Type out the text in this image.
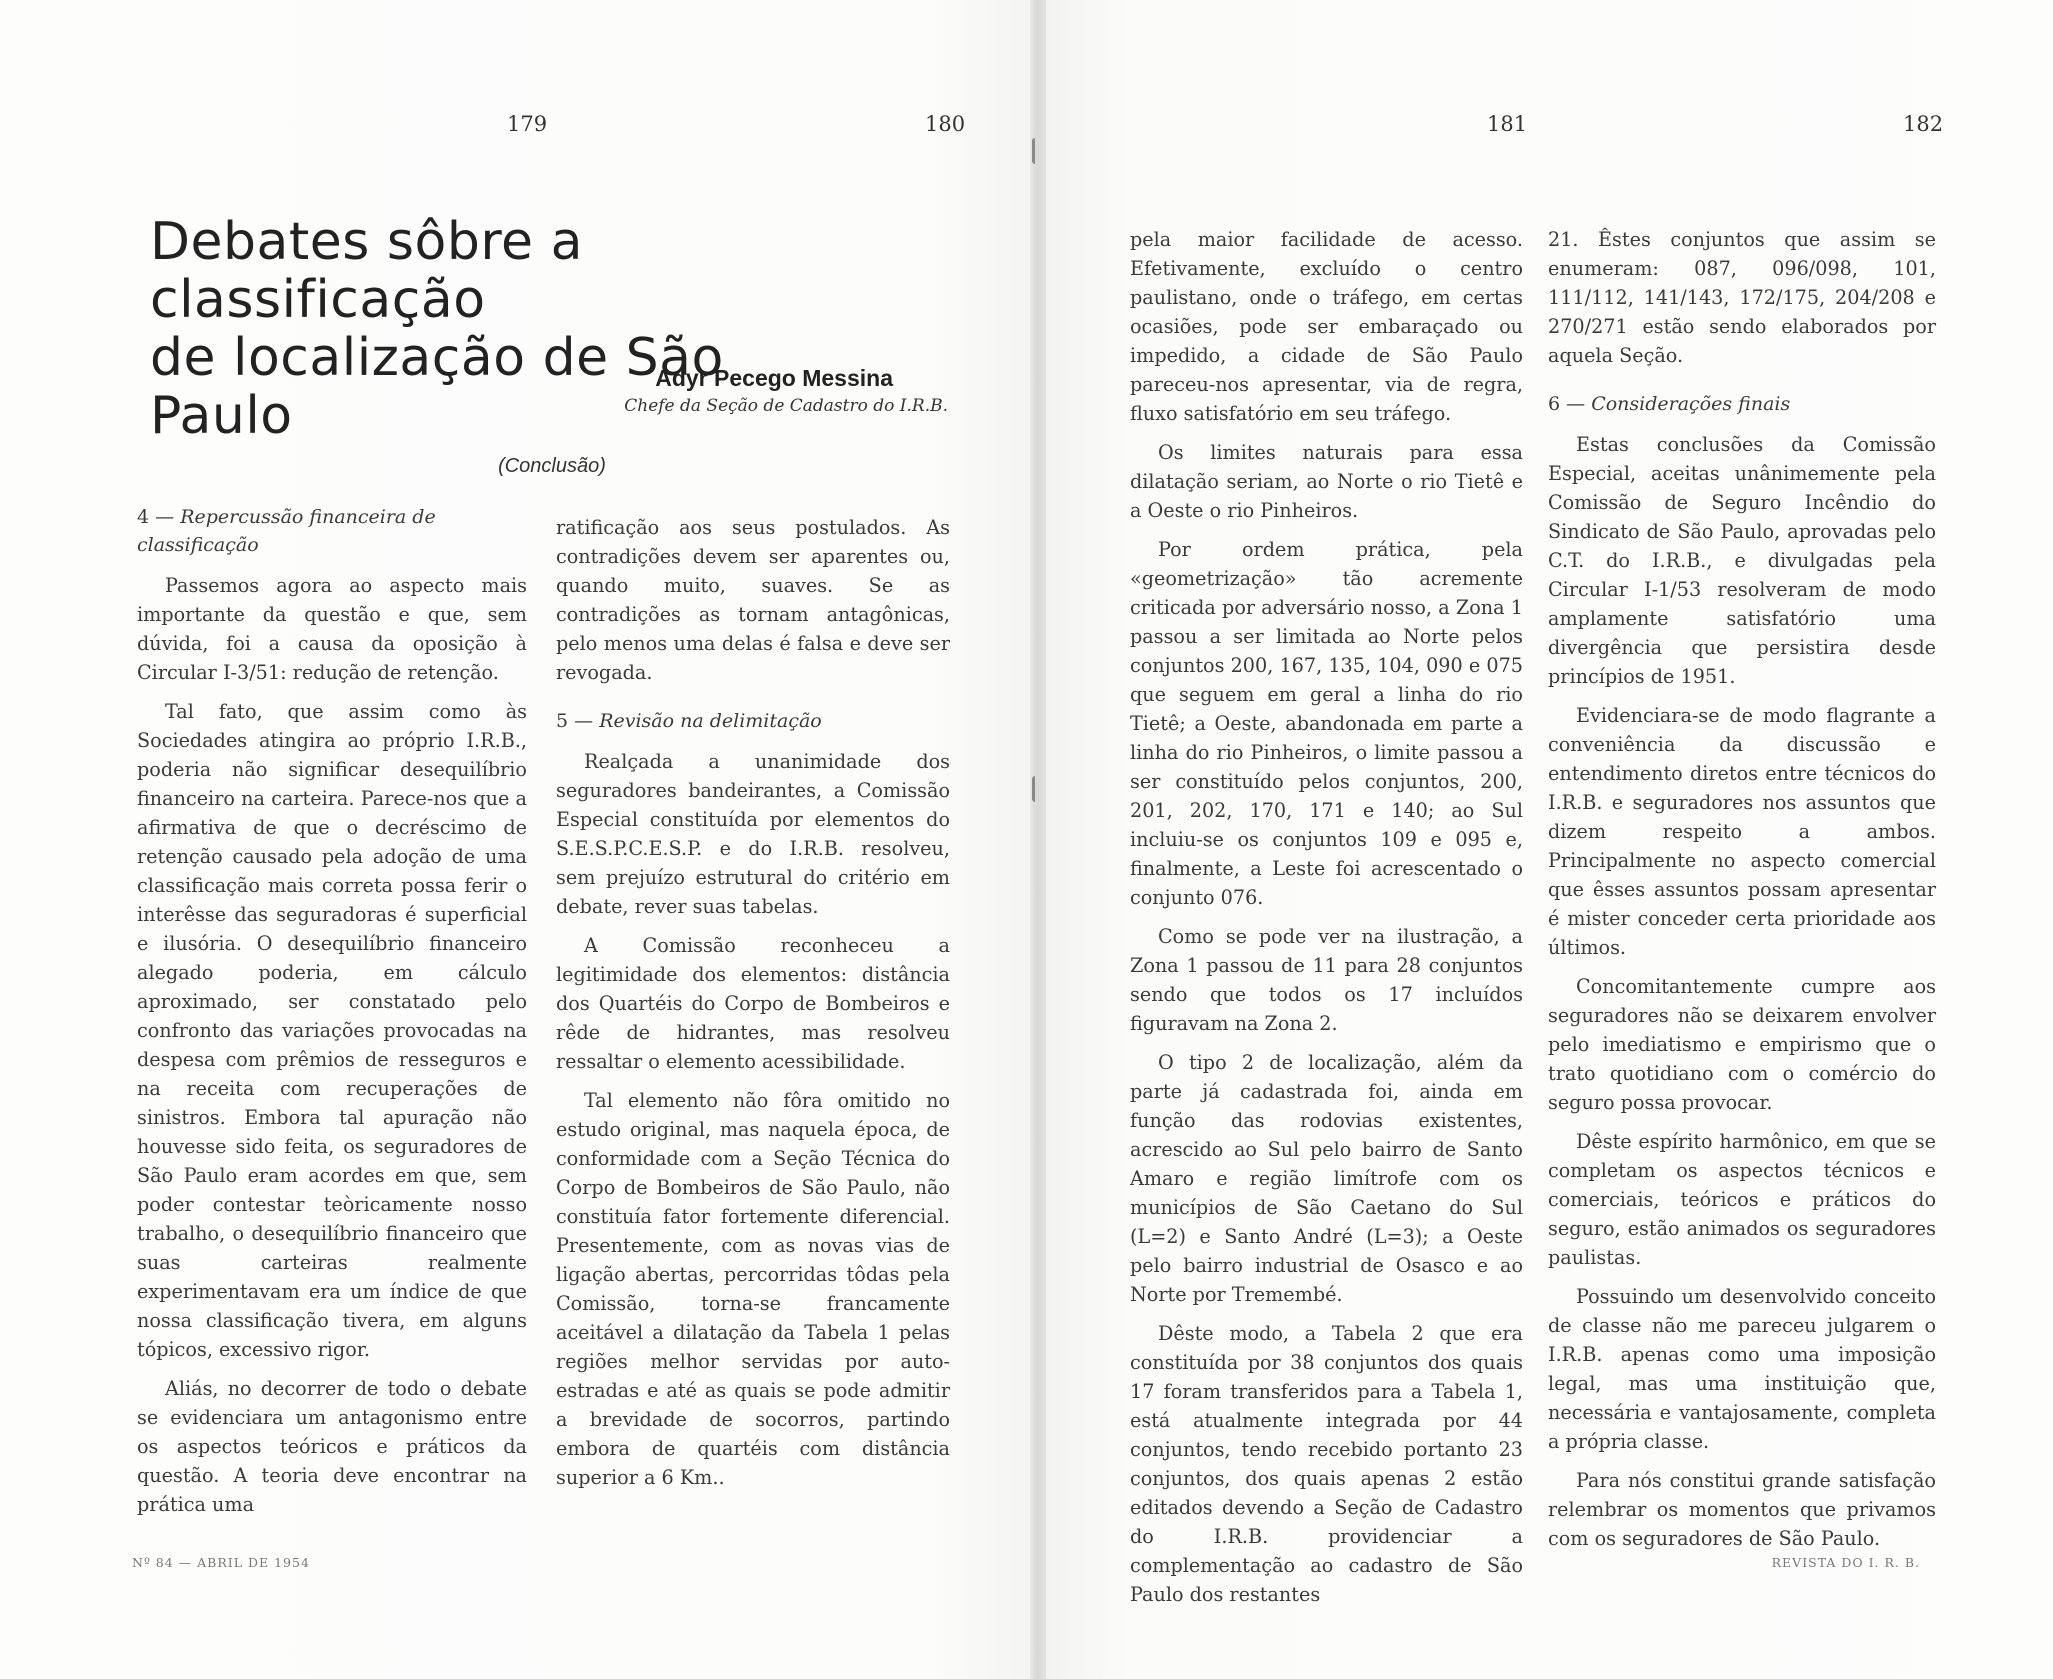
179	180	181	182
Debates sôbre a classificação
de localização de São Paulo
Adyr Pecego Messina
Chefe da Seção de Cadastro do I.R.B.
(Conclusão)
4 — Repercussão financeira de classificação

Passemos agora ao aspecto mais importante da questão e que, sem dúvida, foi a causa da oposição à Circular I-3/51: redução de retenção.

Tal fato, que assim como às Sociedades atingira ao próprio I.R.B., poderia não significar desequilíbrio financeiro na carteira. Parece-nos que a afirmativa de que o decréscimo de retenção causado pela adoção de uma classificação mais correta possa ferir o interêsse das seguradoras é superficial e ilusória. O desequilíbrio financeiro alegado poderia, em cálculo aproximado, ser constatado pelo confronto das variações provocadas na despesa com prêmios de resseguros e na receita com recuperações de sinistros. Embora tal apuração não houvesse sido feita, os seguradores de São Paulo eram acordes em que, sem poder contestar teòricamente nosso trabalho, o desequilíbrio financeiro que suas carteiras realmente experimentavam era um índice de que nossa classificação tivera, em alguns tópicos, excessivo rigor.

Aliás, no decorrer de todo o debate se evidenciara um antagonismo entre os aspectos teóricos e práticos da questão. A teoria deve encontrar na prática uma

ratificação aos seus postulados. As contradições devem ser aparentes ou, quando muito, suaves. Se as contradições as tornam antagônicas, pelo menos uma delas é falsa e deve ser revogada.

5 — Revisão na delimitação

Realçada a unanimidade dos seguradores bandeirantes, a Comissão Especial constituída por elementos do S.E.S.P.C.E.S.P. e do I.R.B. resolveu, sem prejuízo estrutural do critério em debate, rever suas tabelas.

A Comissão reconheceu a legitimidade dos elementos: distância dos Quartéis do Corpo de Bombeiros e rêde de hidrantes, mas resolveu ressaltar o elemento acessibilidade.

Tal elemento não fôra omitido no estudo original, mas naquela época, de conformidade com a Seção Técnica do Corpo de Bombeiros de São Paulo, não constituía fator fortemente diferencial. Presentemente, com as novas vias de ligação abertas, percorridas tôdas pela Comissão, torna-se francamente aceitável a dilatação da Tabela 1 pelas regiões melhor servidas por auto-estradas e até as quais se pode admitir a brevidade de socorros, partindo embora de quartéis com distância superior a 6 Km..

pela maior facilidade de acesso. Efetivamente, excluído o centro paulistano, onde o tráfego, em certas ocasiões, pode ser embaraçado ou impedido, a cidade de São Paulo pareceu-nos apresentar, via de regra, fluxo satisfatório em seu tráfego.

Os limites naturais para essa dilatação seriam, ao Norte o rio Tietê e a Oeste o rio Pinheiros.

Por ordem prática, pela «geometrização» tão acremente criticada por adversário nosso, a Zona 1 passou a ser limitada ao Norte pelos conjuntos 200, 167, 135, 104, 090 e 075 que seguem em geral a linha do rio Tietê; a Oeste, abandonada em parte a linha do rio Pinheiros, o limite passou a ser constituído pelos conjuntos, 200, 201, 202, 170, 171 e 140; ao Sul incluiu-se os conjuntos 109 e 095 e, finalmente, a Leste foi acrescentado o conjunto 076.

Como se pode ver na ilustração, a Zona 1 passou de 11 para 28 conjuntos sendo que todos os 17 incluídos figuravam na Zona 2.

O tipo 2 de localização, além da parte já cadastrada foi, ainda em função das rodovias existentes, acrescido ao Sul pelo bairro de Santo Amaro e região limítrofe com os municípios de São Caetano do Sul (L=2) e Santo André (L=3); a Oeste pelo bairro industrial de Osasco e ao Norte por Tremembé.

Dêste modo, a Tabela 2 que era constituída por 38 conjuntos dos quais 17 foram transferidos para a Tabela 1, está atualmente integrada por 44 conjuntos, tendo recebido portanto 23 conjuntos, dos quais apenas 2 estão editados devendo a Seção de Cadastro do I.R.B. providenciar a complementação ao cadastro de São Paulo dos restantes

21. Êstes conjuntos que assim se enumeram: 087, 096/098, 101, 111/112, 141/143, 172/175, 204/208 e 270/271 estão sendo elaborados por aquela Seção.

6 — Considerações finais

Estas conclusões da Comissão Especial, aceitas unânimemente pela Comissão de Seguro Incêndio do Sindicato de São Paulo, aprovadas pelo C.T. do I.R.B., e divulgadas pela Circular I-1/53 resolveram de modo amplamente satisfatório uma divergência que persistira desde princípios de 1951.

Evidenciara-se de modo flagrante a conveniência da discussão e entendimento diretos entre técnicos do I.R.B. e seguradores nos assuntos que dizem respeito a ambos. Principalmente no aspecto comercial que êsses assuntos possam apresentar é mister conceder certa prioridade aos últimos.

Concomitantemente cumpre aos seguradores não se deixarem envolver pelo imediatismo e empirismo que o trato quotidiano com o comércio do seguro possa provocar.

Dêste espírito harmônico, em que se completam os aspectos técnicos e comerciais, teóricos e práticos do seguro, estão animados os seguradores paulistas.

Possuindo um desenvolvido conceito de classe não me pareceu julgarem o I.R.B. apenas como uma imposição legal, mas uma instituição que, necessária e vantajosamente, completa a própria classe.

Para nós constitui grande satisfação relembrar os momentos que privamos com os seguradores de São Paulo.

Nº 84 — ABRIL DE 1954	REVISTA DO I. R. B.
